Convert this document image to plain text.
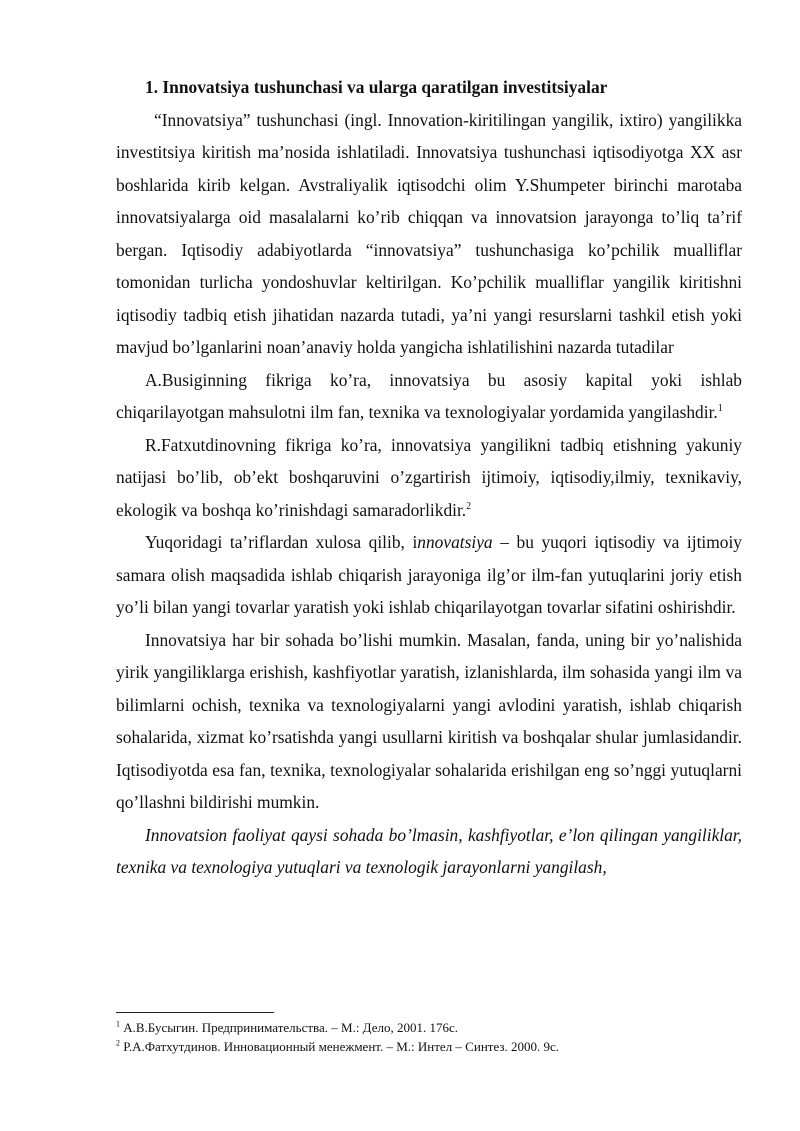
1. Innovatsiya tushunchasi va ularga qaratilgan investitsiyalar

“Innovatsiya” tushunchasi (ingl. Innovation-kiritilingan yangilik, ixtiro) yangilikka investitsiya kiritish ma’nosida ishlatiladi. Innovatsiya tushunchasi iqtisodiyotga XX asr boshlarida kirib kelgan. Avstraliyalik iqtisodchi olim Y.Shumpeter birinchi marotaba innovatsiyalarga oid masalalarni ko’rib chiqqan va innovatsion jarayonga to’liq ta’rif bergan. Iqtisodiy adabiyotlarda “innovatsiya” tushunchasiga ko’pchilik mualliflar tomonidan turlicha yondoshuvlar keltirilgan. Ko’pchilik mualliflar yangilik kiritishni iqtisodiy tadbiq etish jihatidan nazarda tutadi, ya’ni yangi resurslarni tashkil etish yoki mavjud bo’lganlarini noan’anaviy holda yangicha ishlatilishini nazarda tutadilar

A.Busiginning fikriga ko’ra, innovatsiya bu asosiy kapital yoki ishlab chiqarilayotgan mahsulotni ilm fan, texnika va texnologiyalar yordamida yangilashdir.$^1$

R.Fatxutdinovning fikriga ko’ra, innovatsiya yangilikni tadbiq etishning yakuniy natijasi bo’lib, ob’ekt boshqaruvini o’zgartirish ijtimoiy, iqtisodiy,ilmiy, texnikaviy, ekologik va boshqa ko’rinishdagi samaradorlikdir.$^2$

Yuqoridagi ta’riflardan xulosa qilib, innovatsiya – bu yuqori iqtisodiy va ijtimoiy samara olish maqsadida ishlab chiqarish jarayoniga ilg’or ilm-fan yutuqlarini joriy etish yo’li bilan yangi tovarlar yaratish yoki ishlab chiqarilayotgan tovarlar sifatini oshirishdir.

Innovatsiya har bir sohada bo’lishi mumkin. Masalan, fanda, uning bir yo’nalishida yirik yangiliklarga erishish, kashfiyotlar yaratish, izlanishlarda, ilm sohasida yangi ilm va bilimlarni ochish, texnika va texnologiyalarni yangi avlodini yaratish, ishlab chiqarish sohalarida, xizmat ko’rsatishda yangi usullarni kiritish va boshqalar shular jumlasidandir. Iqtisodiyotda esa fan, texnika, texnologiyalar sohalarida erishilgan eng so’nggi yutuqlarni qo’llashni bildirishi mumkin.

Innovatsion faoliyat qaysi sohada bo’lmasin, kashfiyotlar, e’lon qilingan yangiliklar, texnika va texnologiya yutuqlari va texnologik jarayonlarni yangilash,

$^1$ А.В.Бусыгин. Предпринимательства. – М.: Дело, 2001. 176с.

$^2$ Р.А.Фатхутдинов. Инновационный менежмент. – М.: Интел – Синтез. 2000. 9с.
